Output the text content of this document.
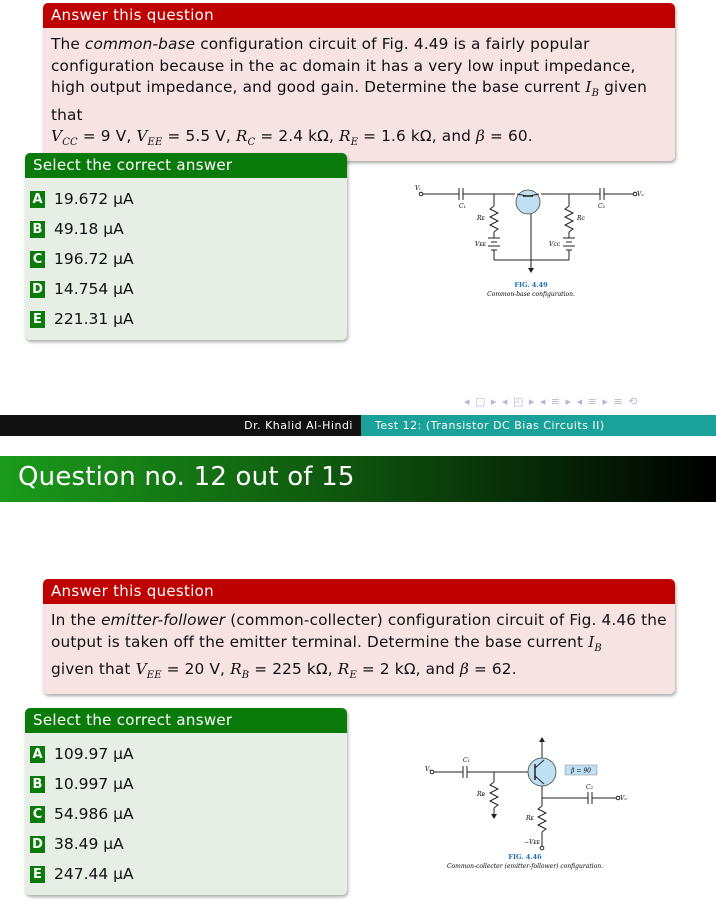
Answer this question
The common-base configuration circuit of Fig. 4.49 is a fairly popular configuration because in the ac domain it has a very low input impedance, high output impedance, and good gain. Determine the base current $I_B$ given that
$V_{CC} = 9$ V, $V_{EE} = 5.5$ V, $R_C = 2.4$ kΩ, $R_E = 1.6$ kΩ, and β = 60.
Select the correct answer
A 19.672 μA
B 49.18 μA
C 196.72 μA
D 14.754 μA
E 221.31 μA
Vᵢ
Vₒ
C₁	C₂
Rᴇ	Rᴄ
Vᴇᴇ	Vᴄᴄ
FIG. 4.49
Common-base configuration.
◂ ▢ ▸ ◂ ◰ ▸ ◂ ≡ ▸ ◂ ≡ ▸ ≡ ⟲
Dr. Khalid Al-Hindi	Test 12: (Transistor DC Bias Circuits II)
Question no. 12 out of 15
Answer this question
In the emitter-follower (common-collecter) configuration circuit of Fig. 4.46 the output is taken off the emitter terminal. Determine the base current $I_B$
given that $V_{EE} = 20$ V, $R_B = 225$ kΩ, $R_E = 2$ kΩ, and β = 62.
Select the correct answer
A 109.97 μA
B 10.997 μA
C 54.986 μA
D 38.49 μA
E 247.44 μA
β = 90
Vᵢ
Vₒ
C₁
C₂
Rʙ
Rᴇ
−Vᴇᴇ
FIG. 4.46
Common-collecter (emitter-follower) configuration.
